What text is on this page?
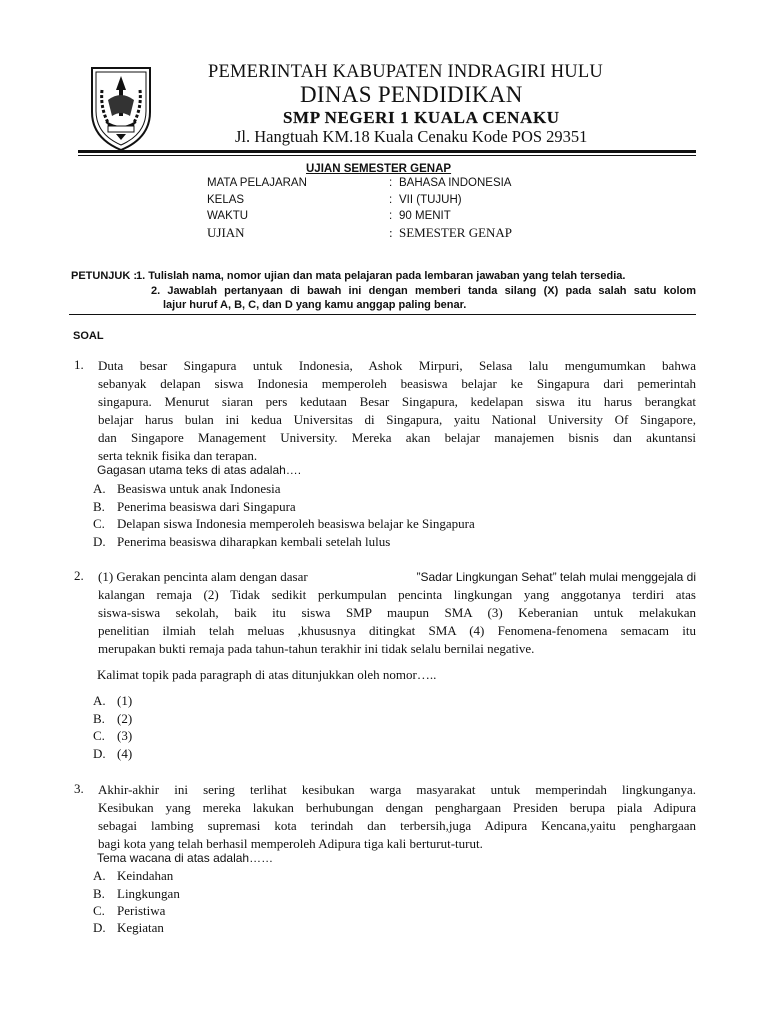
PEMERINTAH KABUPATEN INDRAGIRI HULU
DINAS PENDIDIKAN
SMP NEGERI 1 KUALA CENAKU
Jl. Hangtuah KM.18 Kuala Cenaku Kode POS 29351
UJIAN SEMESTER GENAP
MATA PELAJARAN	: BAHASA INDONESIA
KELAS	: VII (TUJUH)
WAKTU	: 90 MENIT
UJIAN	: SEMESTER GENAP
PETUNJUK :
1. Tulislah nama, nomor ujian dan mata pelajaran pada lembaran jawaban yang telah tersedia.
2. Jawablah pertanyaan di bawah ini dengan memberi tanda silang (X) pada salah satu kolom
lajur huruf A, B, C, dan D yang kamu anggap paling benar.
SOAL
1. Duta besar Singapura untuk Indonesia, Ashok Mirpuri, Selasa lalu mengumumkan bahwa
sebanyak delapan siswa Indonesia memperoleh beasiswa belajar ke Singapura dari pemerintah
singapura. Menurut siaran pers kedutaan Besar Singapura, kedelapan siswa itu harus berangkat
belajar harus bulan ini kedua Universitas di Singapura, yaitu National University Of Singapore,
dan Singapore Management University. Mereka akan belajar manajemen bisnis dan akuntansi
serta teknik fisika dan terapan.
Gagasan utama teks di atas adalah….
A. Beasiswa untuk anak Indonesia
B. Penerima beasiswa dari Singapura
C. Delapan siswa Indonesia memperoleh beasiswa belajar ke Singapura
D. Penerima beasiswa diharapkan kembali setelah lulus
2. (1) Gerakan pencinta alam dengan dasar	”Sadar Lingkungan Sehat” telah mulai menggejala di
kalangan remaja (2) Tidak sedikit perkumpulan pencinta lingkungan yang anggotanya terdiri atas
siswa-siswa sekolah, baik itu siswa SMP maupun SMA (3) Keberanian untuk melakukan
penelitian ilmiah telah meluas ,khususnya ditingkat SMA (4) Fenomena-fenomena semacam itu
merupakan bukti remaja pada tahun-tahun terakhir ini tidak selalu bernilai negative.
Kalimat topik pada paragraph di atas ditunjukkan oleh nomor…..
A. (1)
B. (2)
C. (3)
D. (4)
3. Akhir-akhir ini sering terlihat kesibukan warga masyarakat untuk memperindah lingkunganya.
Kesibukan yang mereka lakukan berhubungan dengan penghargaan Presiden berupa piala Adipura
sebagai lambing supremasi kota terindah dan terbersih,juga Adipura Kencana,yaitu penghargaan
bagi kota yang telah berhasil memperoleh Adipura tiga kali berturut-turut.
Tema wacana di atas adalah……
A. Keindahan
B. Lingkungan
C. Peristiwa
D. Kegiatan
